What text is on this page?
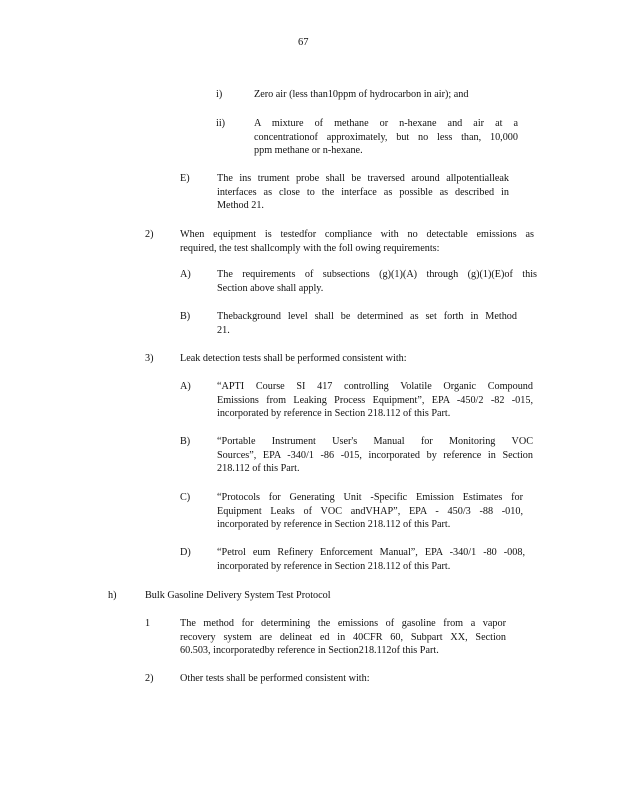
67
i)	Zero air (less than10ppm of hydrocarbon in air); and
ii)	A mixture of methane or n-hexane and air at a
concentrationof approximately, but no less than, 10,000
ppm methane or n-hexane.
E)	The ins trument probe shall be traversed around allpotentialleak
interfaces as close to the interface as possible as described in
Method 21.
2)	When equipment is testedfor compliance with no detectable emissions as
required, the test shallcomply with the foll owing requirements:
A)	The requirements of subsections (g)(1)(A) through (g)(1)(E)of this
Section above shall apply.
B)	Thebackground level shall be determined as set forth in Method
21.
3)	Leak detection tests shall be performed consistent with:
A)	“APTI Course SI 417 controlling Volatile Organic Compound
Emissions from Leaking Process Equipment”, EPA -450/2 -82 -015,
incorporated by reference in Section 218.112 of this Part.
B)	“Portable Instrument User's Manual for Monitoring VOC
Sources”, EPA -340/1 -86 -015, incorporated by reference in Section
218.112 of this Part.
C)	“Protocols for Generating Unit -Specific Emission Estimates for
Equipment Leaks of VOC andVHAP”, EPA - 450/3 -88 -010,
incorporated by reference in Section 218.112 of this Part.
D)	“Petrol eum Refinery Enforcement Manual”, EPA -340/1 -80 -008,
incorporated by reference in Section 218.112 of this Part.
h)	Bulk Gasoline Delivery System Test Protocol
1	The method for determining the emissions of gasoline from a vapor
recovery system are delineat ed in 40CFR 60, Subpart XX, Section
60.503, incorporatedby reference in Section218.112of this Part.
2)	Other tests shall be performed consistent with:
